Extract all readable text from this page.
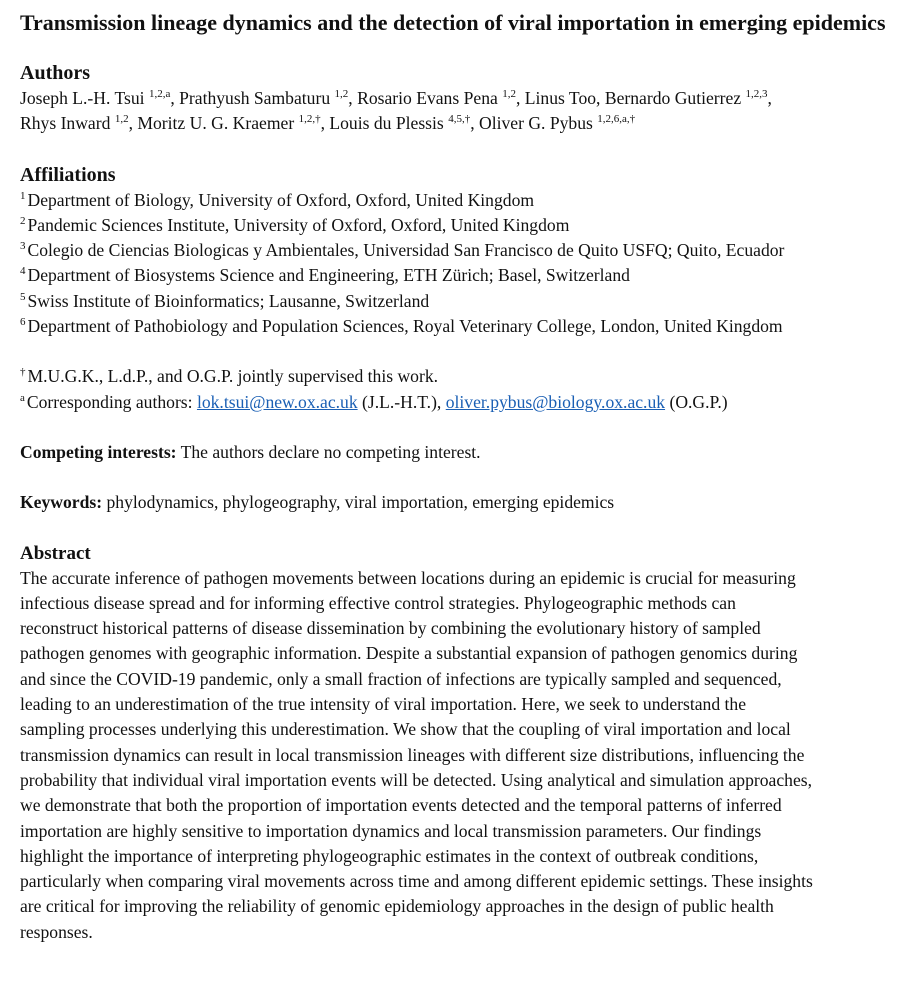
Transmission lineage dynamics and the detection of viral importation in emerging epidemics
Authors
Joseph L.-H. Tsui $^{1,2,a}$, Prathyush Sambaturu $^{1,2}$, Rosario Evans Pena $^{1,2}$, Linus Too, Bernardo Gutierrez $^{1,2,3}$,
Rhys Inward $^{1,2}$, Moritz U. G. Kraemer $^{1,2,\dagger}$, Louis du Plessis $^{4,5,\dagger}$, Oliver G. Pybus $^{1,2,6,a,\dagger}$
Affiliations
$^1$ Department of Biology, University of Oxford, Oxford, United Kingdom
$^2$ Pandemic Sciences Institute, University of Oxford, Oxford, United Kingdom
$^3$ Colegio de Ciencias Biologicas y Ambientales, Universidad San Francisco de Quito USFQ; Quito, Ecuador
$^4$ Department of Biosystems Science and Engineering, ETH Zürich; Basel, Switzerland
$^5$ Swiss Institute of Bioinformatics; Lausanne, Switzerland
$^6$ Department of Pathobiology and Population Sciences, Royal Veterinary College, London, United Kingdom
† M.U.G.K., L.d.P., and O.G.P. jointly supervised this work.
$^a$ Corresponding authors: lok.tsui@new.ox.ac.uk (J.L.-H.T.), oliver.pybus@biology.ox.ac.uk (O.G.P.)
Competing interests: The authors declare no competing interest.
Keywords: phylodynamics, phylogeography, viral importation, emerging epidemics
Abstract
The accurate inference of pathogen movements between locations during an epidemic is crucial for measuring
infectious disease spread and for informing effective control strategies. Phylogeographic methods can
reconstruct historical patterns of disease dissemination by combining the evolutionary history of sampled
pathogen genomes with geographic information. Despite a substantial expansion of pathogen genomics during
and since the COVID-19 pandemic, only a small fraction of infections are typically sampled and sequenced,
leading to an underestimation of the true intensity of viral importation. Here, we seek to understand the
sampling processes underlying this underestimation. We show that the coupling of viral importation and local
transmission dynamics can result in local transmission lineages with different size distributions, influencing the
probability that individual viral importation events will be detected. Using analytical and simulation approaches,
we demonstrate that both the proportion of importation events detected and the temporal patterns of inferred
importation are highly sensitive to importation dynamics and local transmission parameters. Our findings
highlight the importance of interpreting phylogeographic estimates in the context of outbreak conditions,
particularly when comparing viral movements across time and among different epidemic settings. These insights
are critical for improving the reliability of genomic epidemiology approaches in the design of public health
responses.
